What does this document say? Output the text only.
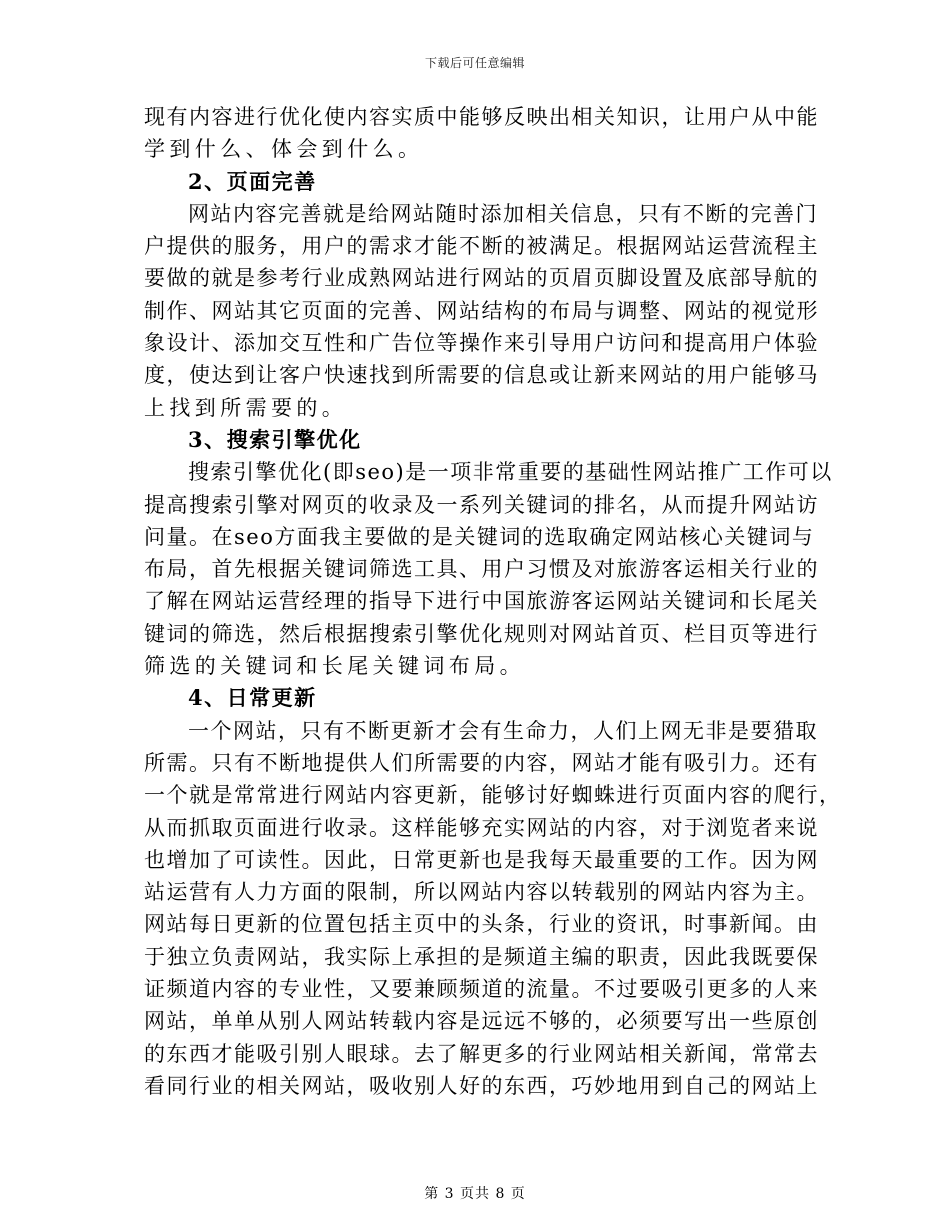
下载后可任意编辑
现有内容进行优化使内容实质中能够反映出相关知识，让用户从中能
学到什么、体会到什么。
2、页面完善
网站内容完善就是给网站随时添加相关信息，只有不断的完善门
户提供的服务，用户的需求才能不断的被满足。根据网站运营流程主
要做的就是参考行业成熟网站进行网站的页眉页脚设置及底部导航的
制作、网站其它页面的完善、网站结构的布局与调整、网站的视觉形
象设计、添加交互性和广告位等操作来引导用户访问和提高用户体验
度，使达到让客户快速找到所需要的信息或让新来网站的用户能够马
上找到所需要的。
3、搜索引擎优化
搜索引擎优化(即seo)是一项非常重要的基础性网站推广工作可以
提高搜索引擎对网页的收录及一系列关键词的排名，从而提升网站访
问量。在seo方面我主要做的是关键词的选取确定网站核心关键词与
布局，首先根据关键词筛选工具、用户习惯及对旅游客运相关行业的
了解在网站运营经理的指导下进行中国旅游客运网站关键词和长尾关
键词的筛选，然后根据搜索引擎优化规则对网站首页、栏目页等进行
筛选的关键词和长尾关键词布局。
4、日常更新
一个网站，只有不断更新才会有生命力，人们上网无非是要猎取
所需。只有不断地提供人们所需要的内容，网站才能有吸引力。还有
一个就是常常进行网站内容更新，能够讨好蜘蛛进行页面内容的爬行，
从而抓取页面进行收录。这样能够充实网站的内容，对于浏览者来说
也增加了可读性。因此，日常更新也是我每天最重要的工作。因为网
站运营有人力方面的限制，所以网站内容以转载别的网站内容为主。
网站每日更新的位置包括主页中的头条，行业的资讯，时事新闻。由
于独立负责网站，我实际上承担的是频道主编的职责，因此我既要保
证频道内容的专业性，又要兼顾频道的流量。不过要吸引更多的人来
网站，单单从别人网站转载内容是远远不够的，必须要写出一些原创
的东西才能吸引别人眼球。去了解更多的行业网站相关新闻，常常去
看同行业的相关网站，吸收别人好的东西，巧妙地用到自己的网站上
第 3 页共 8 页
